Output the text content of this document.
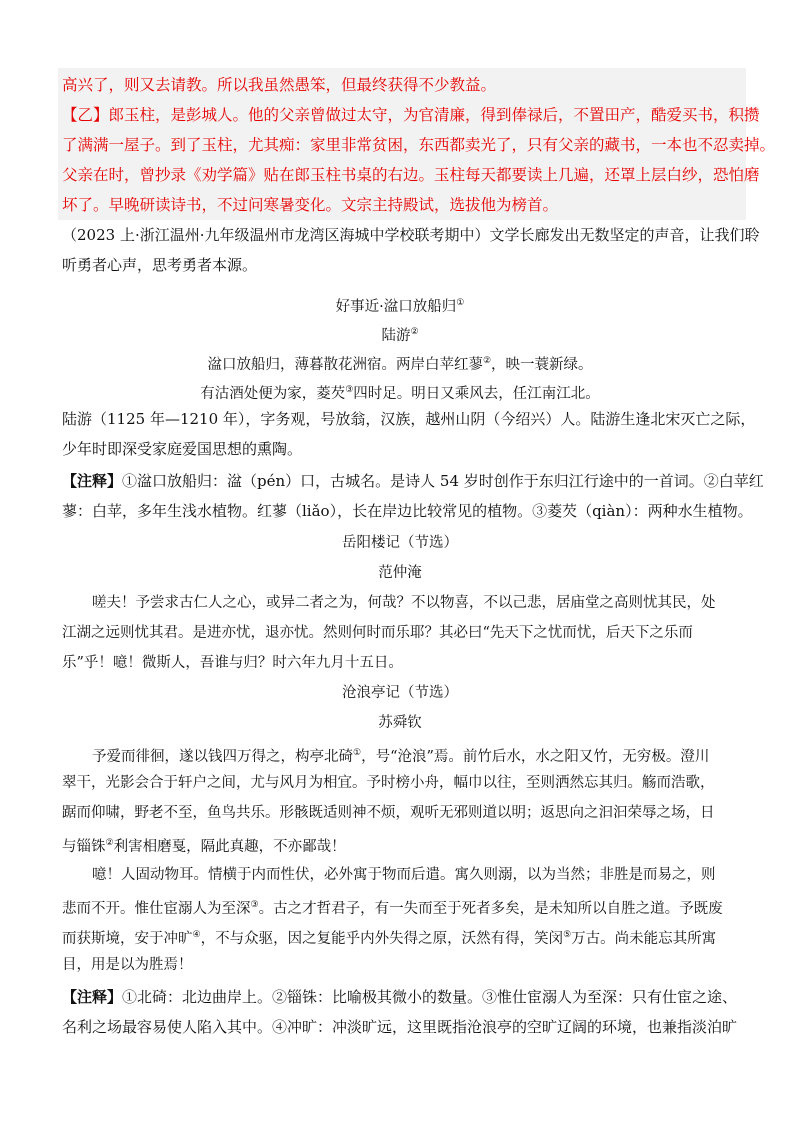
高兴了，则又去请教。所以我虽然愚笨，但最终获得不少教益。
【乙】郎玉柱，是彭城人。他的父亲曾做过太守，为官清廉，得到俸禄后，不置田产，酷爱买书，积攒
了满满一屋子。到了玉柱，尤其痴：家里非常贫困，东西都卖光了，只有父亲的藏书，一本也不忍卖掉。
父亲在时，曾抄录《劝学篇》贴在郎玉柱书桌的右边。玉柱每天都要读上几遍，还罩上层白纱，恐怕磨
坏了。早晚研读诗书，不过问寒暑变化。文宗主持殿试，选拔他为榜首。
（2023 上·浙江温州·九年级温州市龙湾区海城中学校联考期中）文学长廊发出无数坚定的声音，让我们聆
听勇者心声，思考勇者本源。
好事近·湓口放船归①
陆游②
湓口放船归，薄暮散花洲宿。两岸白苹红蓼②，映一蓑新绿。
有沽酒处便为家，菱芡③四时足。明日又乘风去，任江南江北。
陆游（1125 年—1210 年），字务观，号放翁，汉族，越州山阴（今绍兴）人。陆游生逢北宋灭亡之际，
少年时即深受家庭爱国思想的熏陶。
【注释】①湓口放船归：湓（pén）口，古城名。是诗人 54 岁时创作于东归江行途中的一首词。②白苹红
蓼：白苹，多年生浅水植物。红蓼（liǎo），长在岸边比较常见的植物。③菱芡（qiàn）：两种水生植物。
岳阳楼记（节选）
范仲淹
嗟夫！予尝求古仁人之心，或异二者之为，何哉？不以物喜，不以己悲，居庙堂之高则忧其民，处
江湖之远则忧其君。是进亦忧，退亦忧。然则何时而乐耶？其必曰“先天下之忧而忧，后天下之乐而
乐”乎！噫！微斯人，吾谁与归？时六年九月十五日。
沧浪亭记（节选）
苏舜钦
予爱而徘徊，遂以钱四万得之，构亭北碕①，号“沧浪”焉。前竹后水，水之阳又竹，无穷极。澄川
翠干，光影会合于轩户之间，尤与风月为相宜。予时榜小舟，幅巾以往，至则洒然忘其归。觞而浩歌，
踞而仰啸，野老不至，鱼鸟共乐。形骸既适则神不烦，观听无邪则道以明；返思向之汩汩荣辱之场，日
与锱铢②利害相磨戛，隔此真趣，不亦鄙哉！
噫！人固动物耳。情横于内而性伏，必外寓于物而后遣。寓久则溺，以为当然；非胜是而易之，则
悲而不开。惟仕宦溺人为至深③。古之才哲君子，有一失而至于死者多矣，是未知所以自胜之道。予既废
而获斯境，安于冲旷④，不与众驱，因之复能乎内外失得之原，沃然有得，笑闵⑤万古。尚未能忘其所寓
目，用是以为胜焉！
【注释】①北碕：北边曲岸上。②锱铢：比喻极其微小的数量。③惟仕宦溺人为至深：只有仕宦之途、
名利之场最容易使人陷入其中。④冲旷：冲淡旷远，这里既指沧浪亭的空旷辽阔的环境，也兼指淡泊旷
